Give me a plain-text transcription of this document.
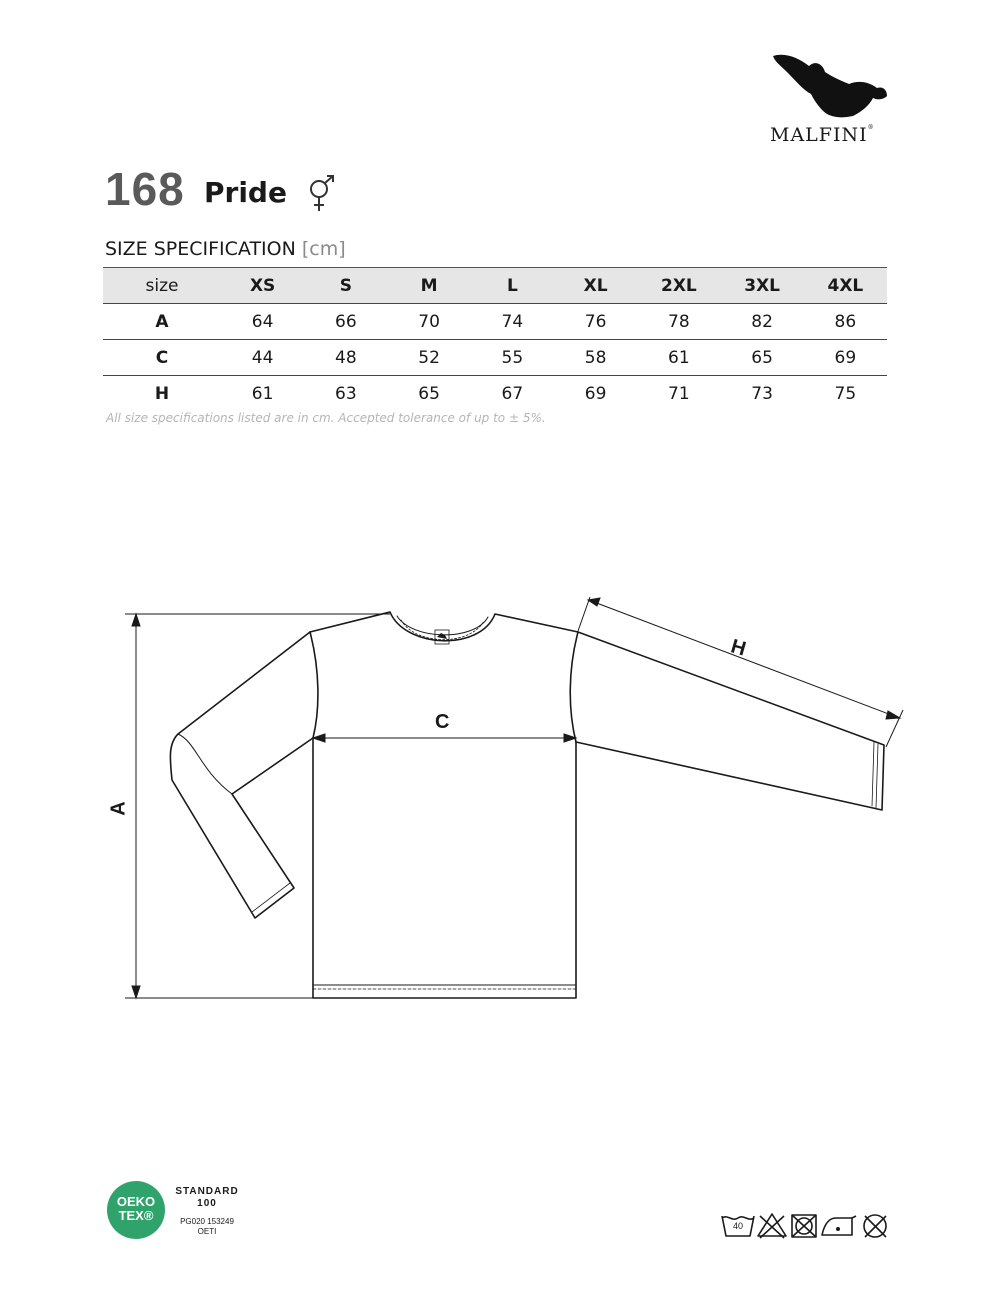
MALFINI®
168 Pride
SIZE SPECIFICATION [cm]
size	XS	S	M	L	XL	2XL	3XL	4XL
A	64	66	70	74	76	78	82	86
C	44	48	52	55	58	61	65	69
H	61	63	65	67	69	71	73	75
All size specifications listed are in cm. Accepted tolerance of up to ± 5%.
A
C
H
OEKO
TEX®
STANDARD
100
PG020 153249
OETI
40
